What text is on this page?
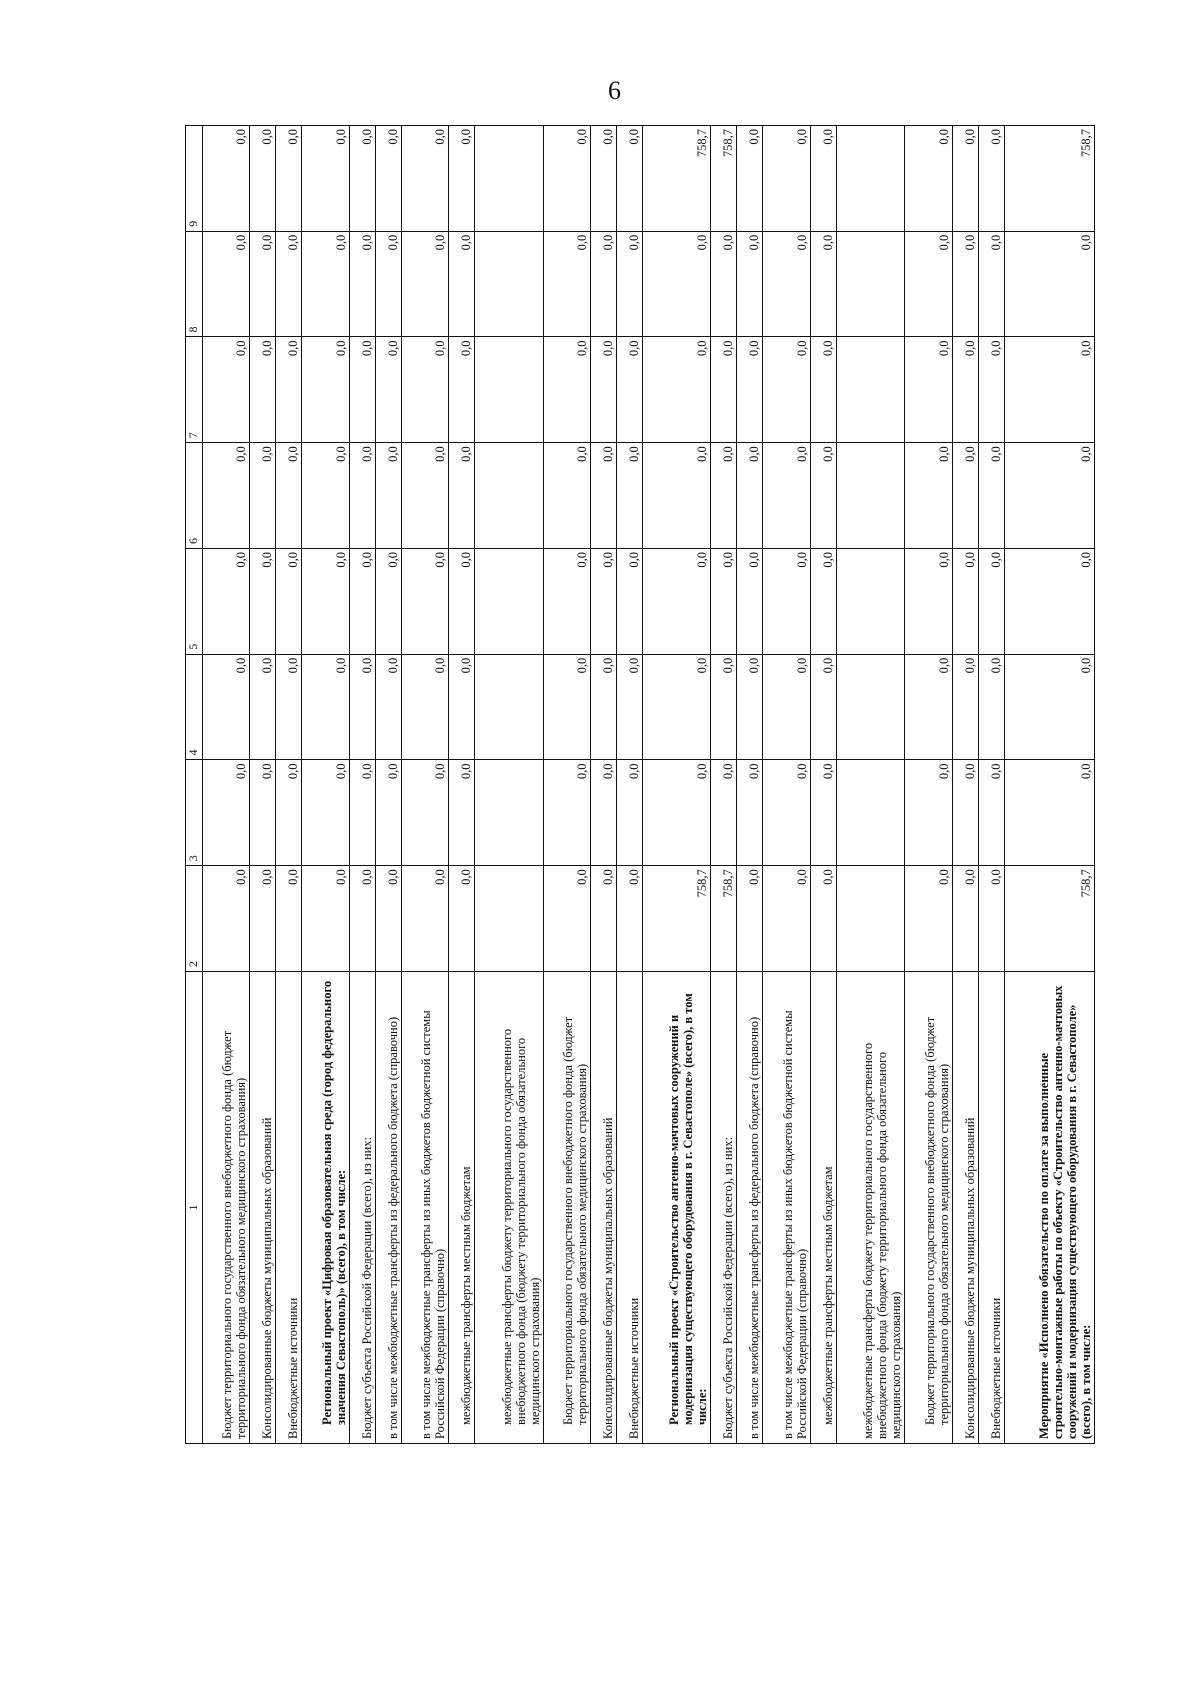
6
1	2	3	4	5	6	7	8	9
Бюджет территориального государственного внебюджетного фонда (бюджет территориального фонда обязательного медицинского страхования)	0,0	0,0	0,0	0,0	0,0	0,0	0,0	0,0
Консолидированные бюджеты муниципальных образований	0,0	0,0	0,0	0,0	0,0	0,0	0,0	0,0
Внебюджетные источники	0,0	0,0	0,0	0,0	0,0	0,0	0,0	0,0
Региональный проект «Цифровая образовательная среда (город федерального значения Севастополь)» (всего), в том числе:	0,0	0,0	0,0	0,0	0,0	0,0	0,0	0,0
Бюджет субъекта Российской Федерации (всего), из них:	0,0	0,0	0,0	0,0	0,0	0,0	0,0	0,0
в том числе межбюджетные трансферты из федерального бюджета (справочно)	0,0	0,0	0,0	0,0	0,0	0,0	0,0	0,0
в том числе межбюджетные трансферты из иных бюджетов бюджетной системы Российской Федерации (справочно)	0,0	0,0	0,0	0,0	0,0	0,0	0,0	0,0
межбюджетные трансферты местным бюджетам	0,0	0,0	0,0	0,0	0,0	0,0	0,0	0,0
межбюджетные трансферты бюджету территориального государственного внебюджетного фонда (бюджету территориального фонда обязательного медицинского страхования)								
Бюджет территориального государственного внебюджетного фонда (бюджет территориального фонда обязательного медицинского страхования)	0,0	0,0	0,0	0,0	0,0	0,0	0,0	0,0
Консолидированные бюджеты муниципальных образований	0,0	0,0	0,0	0,0	0,0	0,0	0,0	0,0
Внебюджетные источники	0,0	0,0	0,0	0,0	0,0	0,0	0,0	0,0
Региональный проект «Строительство антенно-мачтовых сооружений и модернизация существующего оборудования в г. Севастополе» (всего), в том числе:	758,7	0,0	0,0	0,0	0,0	0,0	0,0	758,7
Бюджет субъекта Российской Федерации (всего), из них:	758,7	0,0	0,0	0,0	0,0	0,0	0,0	758,7
в том числе межбюджетные трансферты из федерального бюджета (справочно)	0,0	0,0	0,0	0,0	0,0	0,0	0,0	0,0
в том числе межбюджетные трансферты из иных бюджетов бюджетной системы Российской Федерации (справочно)	0,0	0,0	0,0	0,0	0,0	0,0	0,0	0,0
межбюджетные трансферты местным бюджетам	0,0	0,0	0,0	0,0	0,0	0,0	0,0	0,0
межбюджетные трансферты бюджету территориального государственного внебюджетного фонда (бюджету территориального фонда обязательного медицинского страхования)								
Бюджет территориального государственного внебюджетного фонда (бюджет территориального фонда обязательного медицинского страхования)	0,0	0,0	0,0	0,0	0,0	0,0	0,0	0,0
Консолидированные бюджеты муниципальных образований	0,0	0,0	0,0	0,0	0,0	0,0	0,0	0,0
Внебюджетные источники	0,0	0,0	0,0	0,0	0,0	0,0	0,0	0,0
Мероприятие «Исполнено обязательство по оплате за выполненные строительно-монтажные работы по объекту «Строительство антенно-мачтовых сооружений и модернизация существующего оборудования в г. Севастополе» (всего), в том числе:	758,7	0,0	0,0	0,0	0,0	0,0	0,0	758,7
